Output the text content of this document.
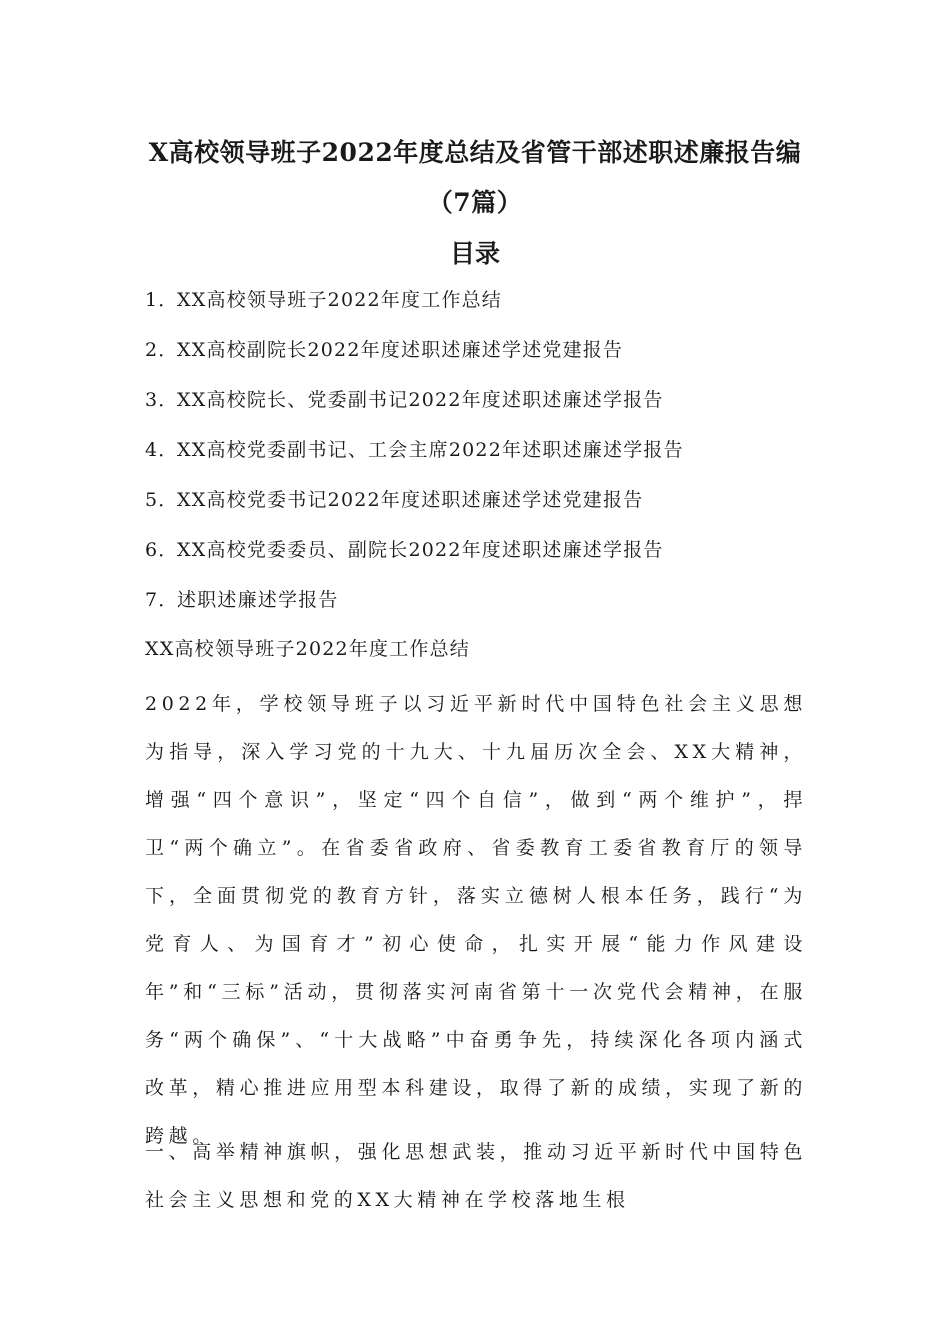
X高校领导班子2022年度总结及省管干部述职述廉报告编
（7篇）
目录
1．XX高校领导班子2022年度工作总结
2．XX高校副院长2022年度述职述廉述学述党建报告
3．XX高校院长、党委副书记2022年度述职述廉述学报告
4．XX高校党委副书记、工会主席2022年述职述廉述学报告
5．XX高校党委书记2022年度述职述廉述学述党建报告
6．XX高校党委委员、副院长2022年度述职述廉述学报告
7．述职述廉述学报告
XX高校领导班子2022年度工作总结
2022年，学校领导班子以习近平新时代中国特色社会主义思想为指导，深入学习党的十九大、十九届历次全会、XX大精神，增强“四个意识”，坚定“四个自信”，做到“两个维护”，捍卫“两个确立”。在省委省政府、省委教育工委省教育厅的领导下，全面贯彻党的教育方针，落实立德树人根本任务，践行“为党育人、为国育才”初心使命，扎实开展“能力作风建设年”和“三标”活动，贯彻落实河南省第十一次党代会精神，在服务“两个确保”、“十大战略”中奋勇争先，持续深化各项内涵式改革，精心推进应用型本科建设，取得了新的成绩，实现了新的跨越。
一、高举精神旗帜，强化思想武装，推动习近平新时代中国特色社会主义思想和党的XX大精神在学校落地生根
